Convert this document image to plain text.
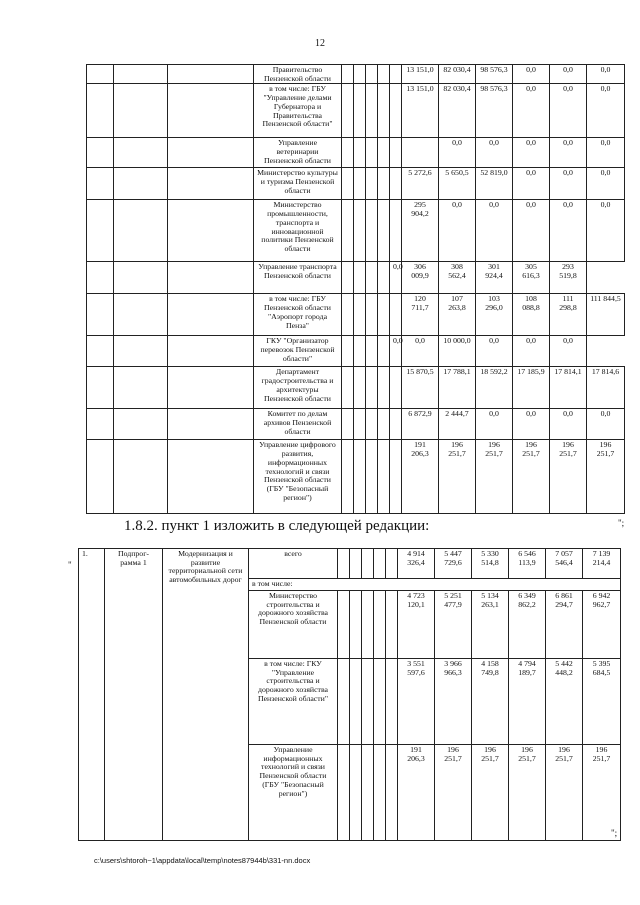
12
			Правительство Пензенской области						13 151,0	82 030,4	98 576,3	0,0	0,0	0,0
			в том числе: ГБУ "Управление делами Губернатора и Правительства Пензенской области"						13 151,0	82 030,4	98 576,3	0,0	0,0	0,0
			Управление ветеринарии Пензенской области							0,0	0,0	0,0	0,0	0,0
			Министерство культуры и туризма Пензенской области						5 272,6	5 650,5	52 819,0	0,0	0,0	0,0
			Министерство промышленности, транспорта и инновационной политики Пензенской области						295 904,2	0,0	0,0	0,0	0,0	0,0
			Управление транспорта Пензенской области					0,0	306 009,9	308 562,4	301 924,4	305 616,3	293 519,8	
			в том числе: ГБУ Пензенской области "Аэропорт города Пенза"						120 711,7	107 263,8	103 296,0	108 088,8	111 298,8	111 844,5
			ГКУ "Организатор перевозок Пензенской области"					0,0	0,0	10 000,0	0,0	0,0	0,0	
			Департамент градостроительства и архитектуры Пензенской области						15 870,5	17 788,1	18 592,2	17 185,9	17 814,1	17 814,6
			Комитет по делам архивов Пензенской области						6 872,9	2 444,7	0,0	0,0	0,0	0,0
			Управление цифрового развития, информационных технологий и связи Пензенской области (ГБУ "Безопасный регион")						191 206,3	196 251,7	196 251,7	196 251,7	196 251,7	196 251,7
";
1.8.2. пункт 1 изложить в следующей редакции:
"
1.	Подпрог-рамма 1	Модернизация и развитие территориальной сети автомобильных дорог	всего						4 914 326,4	5 447 729,6	5 330 514,8	6 546 113,9	7 057 546,4	7 139 214,4
			в том числе:											
			Министерство строительства и дорожного хозяйства Пензенской области						4 723 120,1	5 251 477,9	5 134 263,1	6 349 862,2	6 861 294,7	6 942 962,7
			в том числе: ГКУ "Управление строительства и дорожного хозяйства Пензенской области"						3 551 597,6	3 966 966,3	4 158 749,8	4 794 189,7	5 442 448,2	5 395 684,5
			Управление информационных технологий и связи Пензенской области (ГБУ "Безопасный регион")						191 206,3	196 251,7	196 251,7	196 251,7	196 251,7	196 251,7
";
c:\users\shtoroh~1\appdata\local\temp\notes87944b\331-nn.docx
